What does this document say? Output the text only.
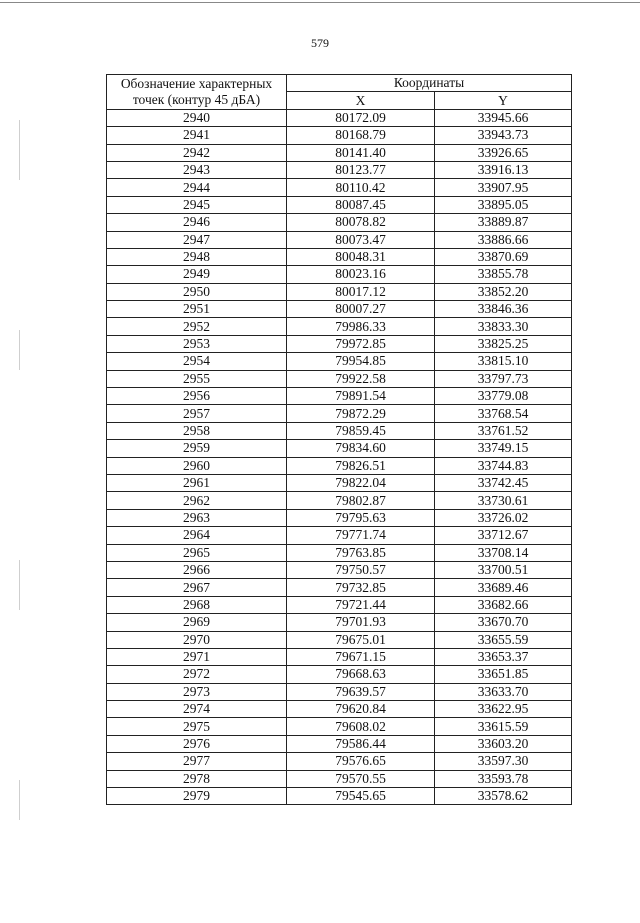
579
Обозначение характерных точек (контур 45 дБА)	Координаты	
	X	Y
2940	80172.09	33945.66
2941	80168.79	33943.73
2942	80141.40	33926.65
2943	80123.77	33916.13
2944	80110.42	33907.95
2945	80087.45	33895.05
2946	80078.82	33889.87
2947	80073.47	33886.66
2948	80048.31	33870.69
2949	80023.16	33855.78
2950	80017.12	33852.20
2951	80007.27	33846.36
2952	79986.33	33833.30
2953	79972.85	33825.25
2954	79954.85	33815.10
2955	79922.58	33797.73
2956	79891.54	33779.08
2957	79872.29	33768.54
2958	79859.45	33761.52
2959	79834.60	33749.15
2960	79826.51	33744.83
2961	79822.04	33742.45
2962	79802.87	33730.61
2963	79795.63	33726.02
2964	79771.74	33712.67
2965	79763.85	33708.14
2966	79750.57	33700.51
2967	79732.85	33689.46
2968	79721.44	33682.66
2969	79701.93	33670.70
2970	79675.01	33655.59
2971	79671.15	33653.37
2972	79668.63	33651.85
2973	79639.57	33633.70
2974	79620.84	33622.95
2975	79608.02	33615.59
2976	79586.44	33603.20
2977	79576.65	33597.30
2978	79570.55	33593.78
2979	79545.65	33578.62
